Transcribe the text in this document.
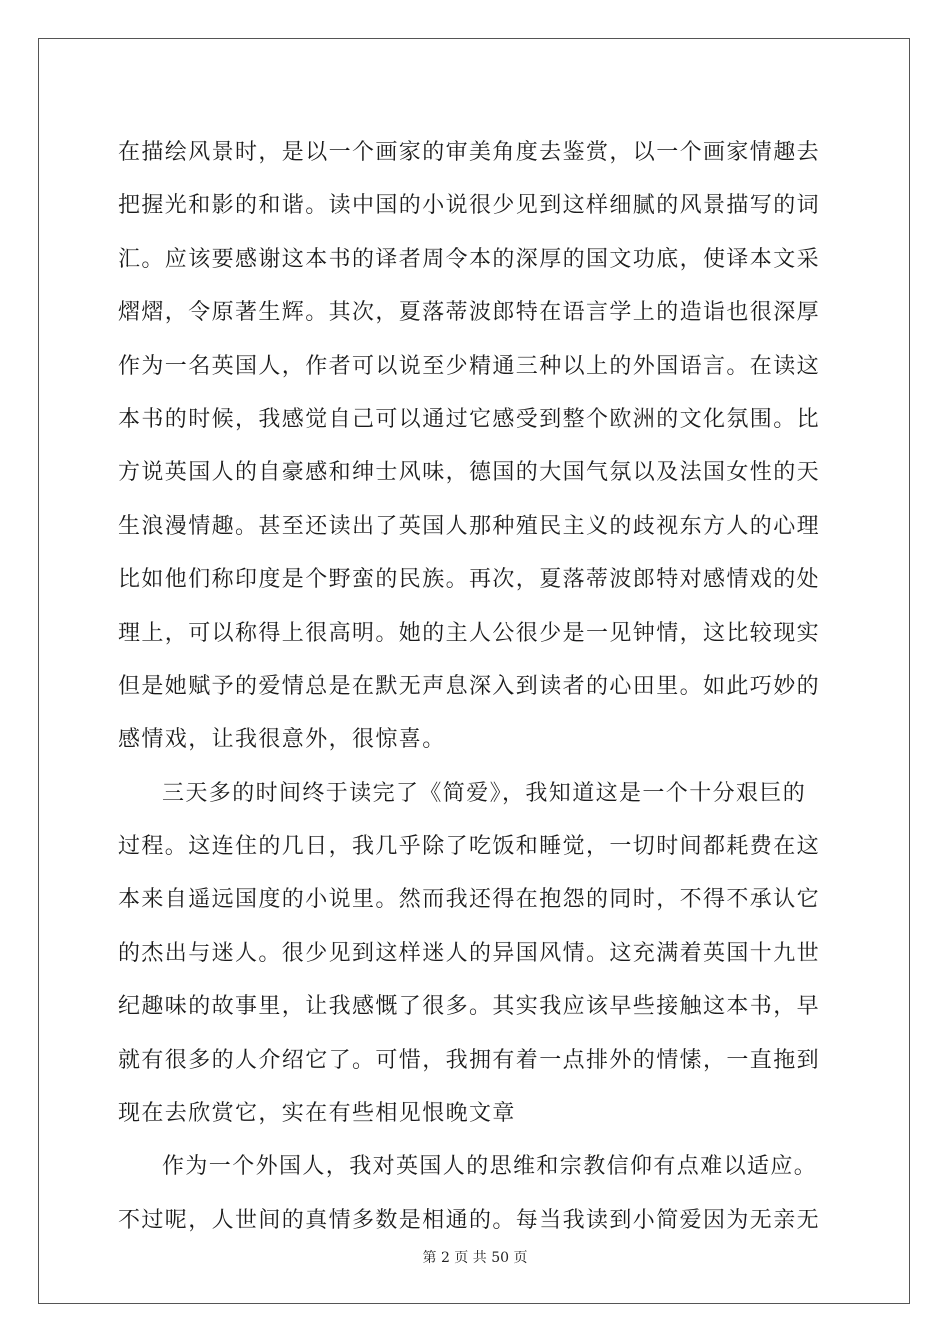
在描绘风景时，是以一个画家的审美角度去鉴赏，以一个画家情趣去
把握光和影的和谐。读中国的小说很少见到这样细腻的风景描写的词
汇。应该要感谢这本书的译者周令本的深厚的国文功底，使译本文采
熠熠，令原著生辉。其次，夏落蒂波郎特在语言学上的造诣也很深厚
作为一名英国人，作者可以说至少精通三种以上的外国语言。在读这
本书的时候，我感觉自己可以通过它感受到整个欧洲的文化氛围。比
方说英国人的自豪感和绅士风味，德国的大国气氛以及法国女性的天
生浪漫情趣。甚至还读出了英国人那种殖民主义的歧视东方人的心理
比如他们称印度是个野蛮的民族。再次，夏落蒂波郎特对感情戏的处
理上，可以称得上很高明。她的主人公很少是一见钟情，这比较现实
但是她赋予的爱情总是在默无声息深入到读者的心田里。如此巧妙的
感情戏，让我很意外，很惊喜。
三天多的时间终于读完了《简爱》，我知道这是一个十分艰巨的
过程。这连住的几日，我几乎除了吃饭和睡觉，一切时间都耗费在这
本来自遥远国度的小说里。然而我还得在抱怨的同时，不得不承认它
的杰出与迷人。很少见到这样迷人的异国风情。这充满着英国十九世
纪趣味的故事里，让我感慨了很多。其实我应该早些接触这本书，早
就有很多的人介绍它了。可惜，我拥有着一点排外的情愫，一直拖到
现在去欣赏它，实在有些相见恨晚文章
作为一个外国人，我对英国人的思维和宗教信仰有点难以适应。
不过呢，人世间的真情多数是相通的。每当我读到小简爱因为无亲无
第 2 页 共 50 页
